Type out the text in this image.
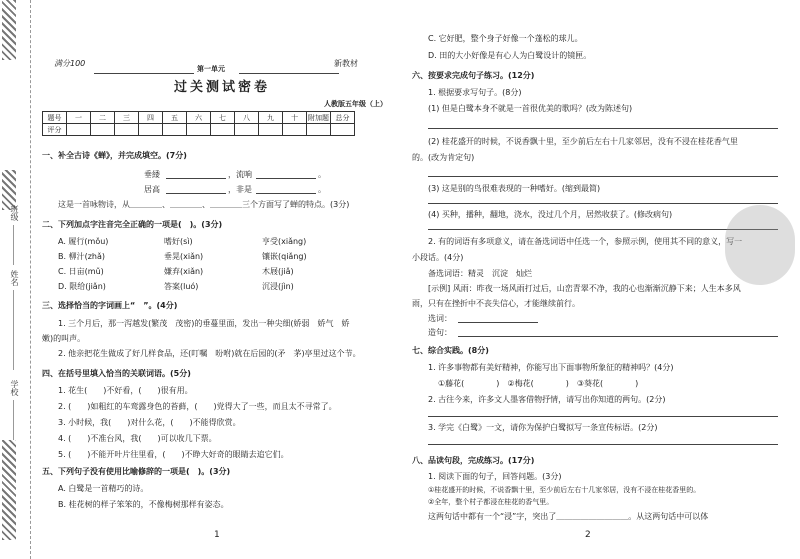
班级
姓名
学校
满分100	新教材
第一单元
过关测试密卷
人教版五年级（上）
题号	一	二	三	四	五	六	七	八	九	十	附加题	总分
评分												
一、补全古诗《蝉》，并完成填空。(7分)
垂緌	，流响	。
居高	，非是	。
这是一首咏物诗，从＿＿＿＿、＿＿＿＿、＿＿＿＿三个方面写了蝉的特点。(3分)
二、下列加点字注音完全正确的一项是(　)。(3分)
A. 履行(mǒu)	嗜好(sì)	亨受(xiǎng)
B. 柳汁(zhǎ)	垂晃(xiǎn)	镶嵌(qiǎng)
C. 日亩(mǔ)	嫌弃(xiǎn)	木屐(jiǎ)
D. 限给(jiǎn)	答案(luó)	沉浸(jìn)
三、选择恰当的字词画上“　”。(4分)
1. 三个月后，那一泻越发(繁茂　茂密)的垂蔓里面，发出一种尖细(娇弱　娇气　娇
嫩)的叫声。
2. 他亲把花生做成了好几样食品，还(叮嘱　吩咐)就在后园的(矛　茅)亭里过这个节。
四、在括号里填入恰当的关联词语。(5分)
1. 花生(　　)不好看，(　　)很有用。
2. (　　)如粗红的车鸾露身色的苔藓，(　　)党得大了一些，而且太不寻常了。
3. 小时候，我(　　)对什么花，(　　)不能得欣赏。
4. (　　)不准台风，我(　　)可以收几下票。
5. (　　)不能开叶片往里看，(　　)不睁大好奇的眼睛去追它们。
五、下列句子没有使用比喻修辞的一项是(　)。(3分)
A. 白鹭是一首精巧的诗。
B. 桂花树的样子笨笨的，不像梅树那样有姿态。
1
C. 它好肥，整个身子好像一个蓬松的球儿。
D. 田的大小好像是有心人为白鹭设计的镜匣。
六、按要求完成句子练习。(12分)
1. 根据要求写句子。(8分)
(1) 但是白鹭本身不就是一首很优美的歌吗？(改为陈述句)
(2) 桂花盛开的时候，不说香飘十里，至少前后左右十几家邻居，没有不浸在桂花香气里
的。(改为肯定句)
(3) 这是别的鸟很难表现的一种嗜好。(缩到最简)
(4) 买种，播种，翻地，浇水，没过几个月，居然收获了。(修改病句)
2. 有的词语有多项意义，请在备选词语中任选一个，参照示例，使用其不同的意义，写一
小段话。(4分)
备选词语：精灵　沉淀　灿烂
[示例] 风雨：昨夜一场风雨打过后，山峦青翠不净，我的心也渐渐沉静下来；人生本多风
雨，只有在挫折中不丧失信心，才能继续前行。
选词：
造句：
七、综合实践。(8分)
1. 许多事物都有美好精神，你能写出下面事物所象征的精神吗？(4分)
①藤花(　　　　)　②梅花(　　　　)　③葵花(　　　　)
2. 古往今来，许多文人墨客借物抒情，请写出你知道的两句。(2分)
3. 学完《白鹭》一文，请你为保护白鹭拟写一条宣传标语。(2分)
八、品读句段，完成练习。(17分)
1. 阅读下面的句子，回答问题。(3分)
①桂花盛开的时候，不说香飘十里，至少前后左右十几家邻居，没有不浸在桂花香里的。
②全年，整个村子都浸在桂花的香气里。
这两句话中都有一个“浸”字，突出了＿＿＿＿＿＿＿＿＿。从这两句话中可以体
2
